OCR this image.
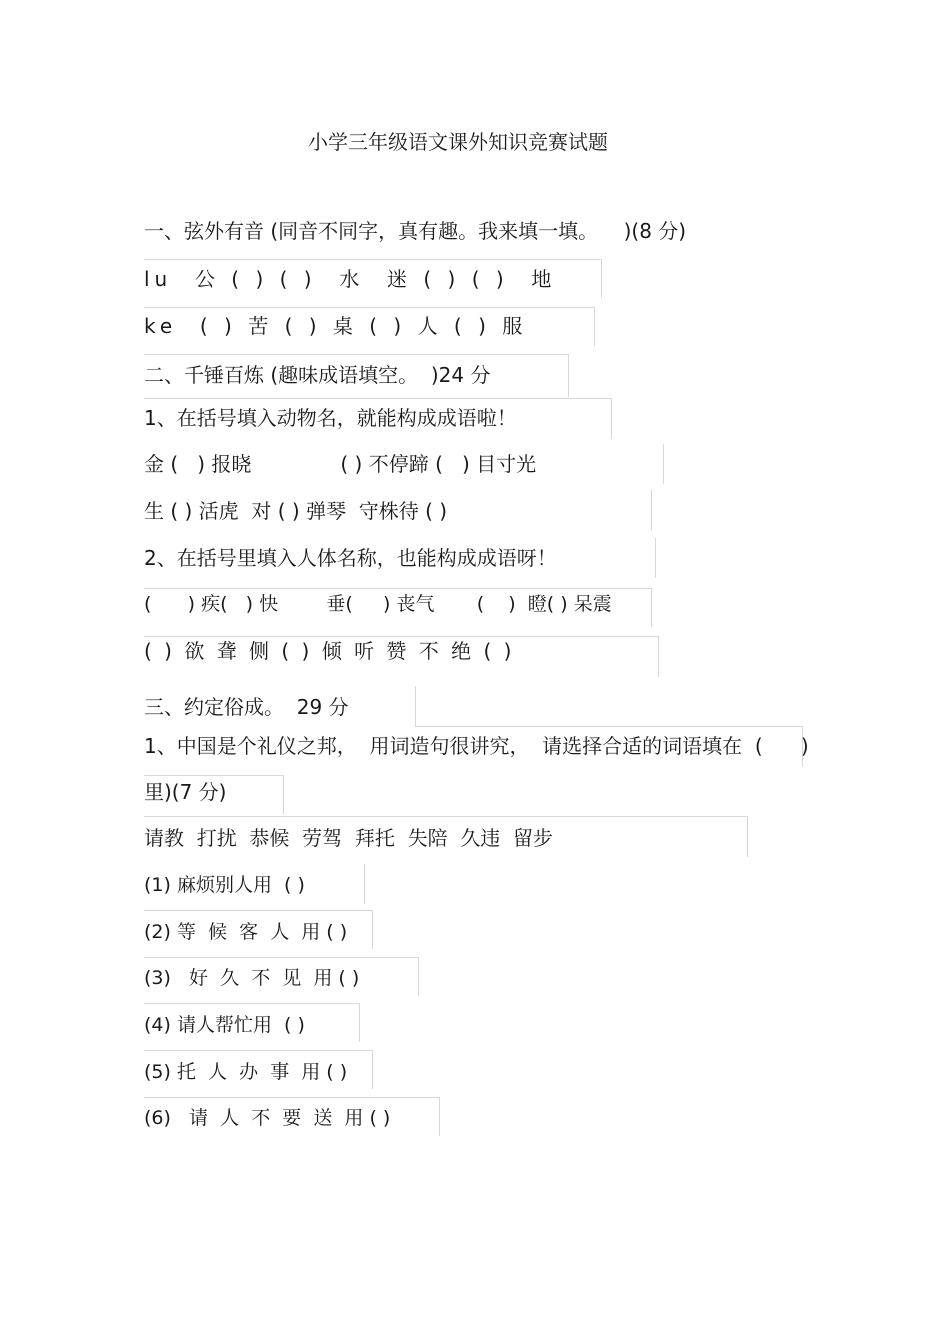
小学三年级语文课外知识竞赛试题
一、弦外有音 (同音不同字，真有趣。我来填一填。    )(8 分)
lu  公 ( ) ( )  水  迷 ( ) ( )  地
ke  ( ) 苦 ( ) 桌 ( ) 人 ( ) 服
二、千锤百炼 (趣味成语填空。  )24 分
1、在括号填入动物名，就能构成成语啦！
金 (   ) 报晓              ( ) 不停蹄 (   ) 目寸光
生 ( ) 活虎  对 ( ) 弹琴  守株待 ( )
2、在括号里填入人体名称，也能构成成语呀！
(      ) 疾(   ) 快        垂(     ) 丧气       (    )  瞪( ) 呆震
( ) 欲 聋 侧 ( ) 倾 听 赞 不 绝 ( )
三、约定俗成。  29 分
1、中国是个礼仪之邦，  用词造句很讲究，  请选择合适的词语填在  (      )
里)(7 分)
请教  打扰  恭候  劳驾  拜托  失陪  久违  留步
(1) 麻烦别人用  ( )
(2) 等  候  客  人  用 ( )
(3)   好  久  不  见  用 ( )
(4) 请人帮忙用  ( )
(5) 托  人  办  事  用 ( )
(6)   请  人  不  要  送  用 ( )
